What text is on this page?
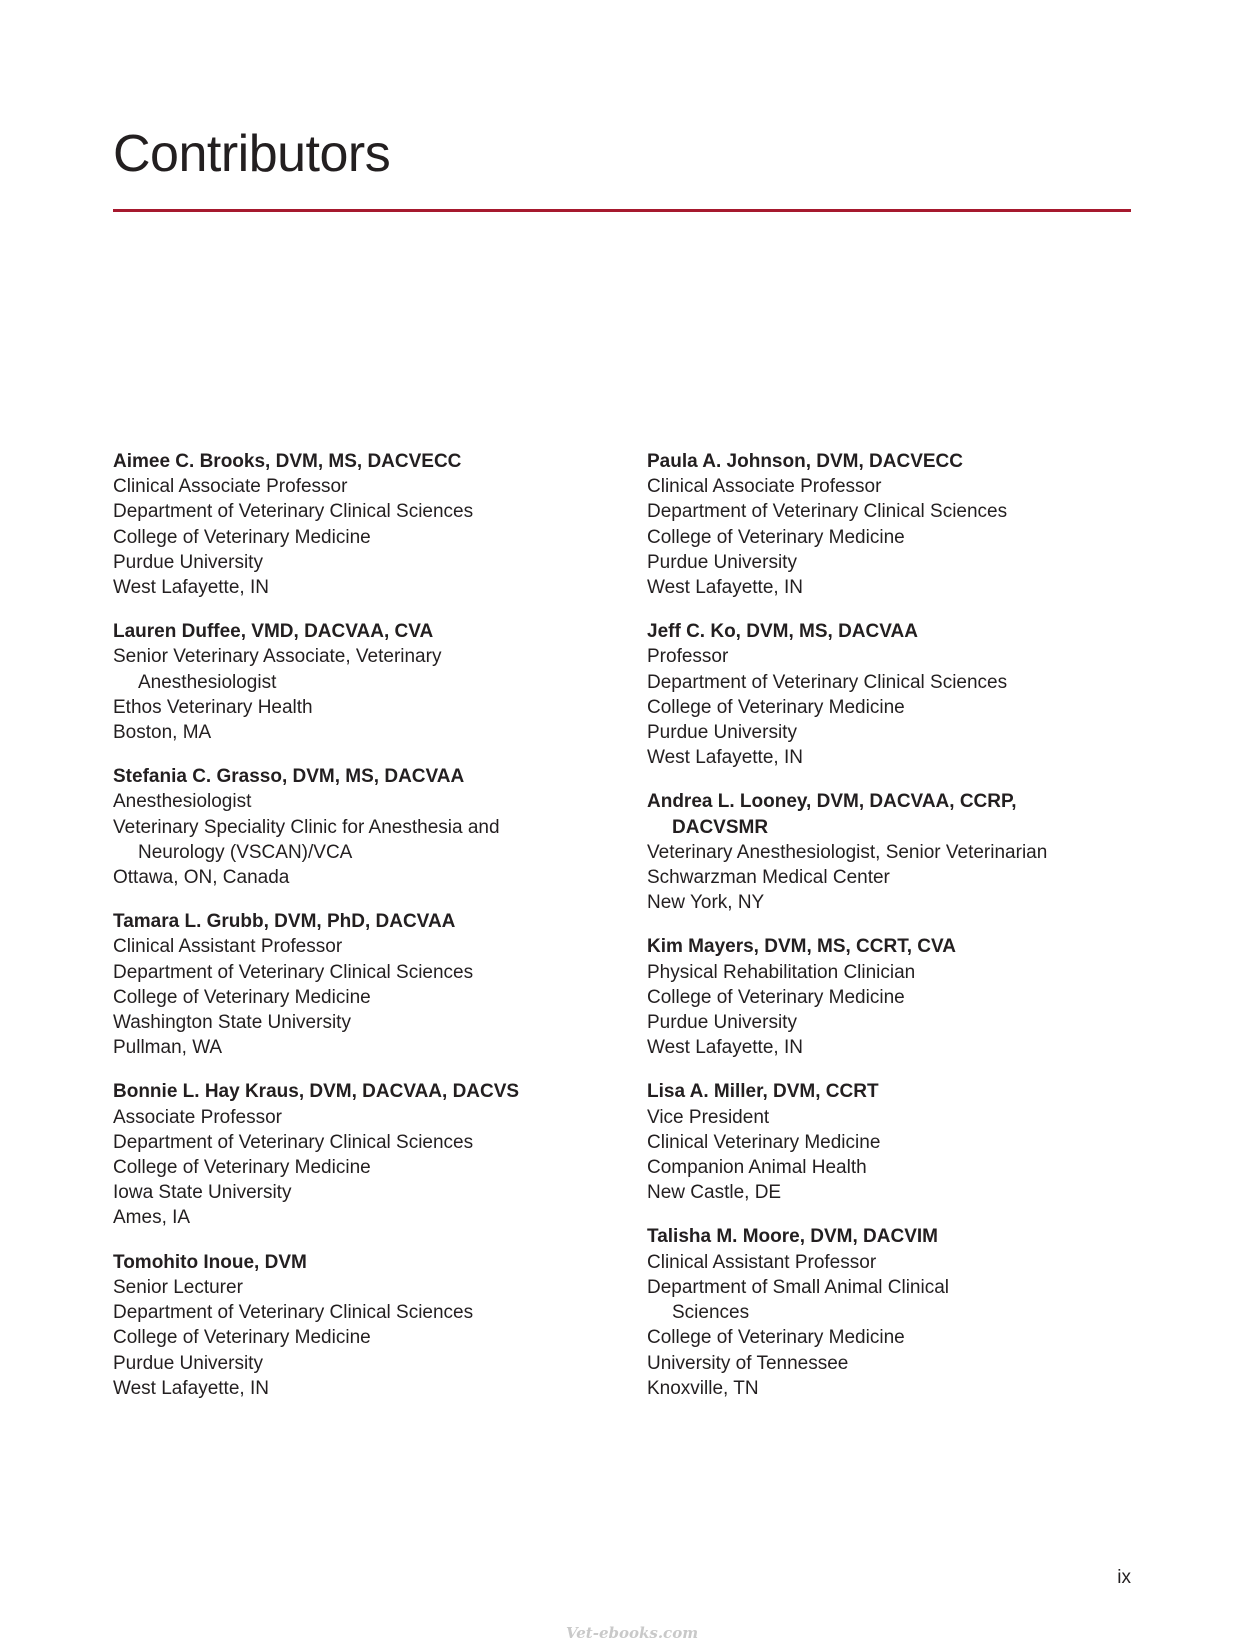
Contributors
Aimee C. Brooks, DVM, MS, DACVECC
Clinical Associate Professor
Department of Veterinary Clinical Sciences
College of Veterinary Medicine
Purdue University
West Lafayette, IN
Lauren Duffee, VMD, DACVAA, CVA
Senior Veterinary Associate, Veterinary Anesthesiologist
Ethos Veterinary Health
Boston, MA
Stefania C. Grasso, DVM, MS, DACVAA
Anesthesiologist
Veterinary Speciality Clinic for Anesthesia and Neurology (VSCAN)/VCA
Ottawa, ON, Canada
Tamara L. Grubb, DVM, PhD, DACVAA
Clinical Assistant Professor
Department of Veterinary Clinical Sciences
College of Veterinary Medicine
Washington State University
Pullman, WA
Bonnie L. Hay Kraus, DVM, DACVAA, DACVS
Associate Professor
Department of Veterinary Clinical Sciences
College of Veterinary Medicine
Iowa State University
Ames, IA
Tomohito Inoue, DVM
Senior Lecturer
Department of Veterinary Clinical Sciences
College of Veterinary Medicine
Purdue University
West Lafayette, IN
Paula A. Johnson, DVM, DACVECC
Clinical Associate Professor
Department of Veterinary Clinical Sciences
College of Veterinary Medicine
Purdue University
West Lafayette, IN
Jeff C. Ko, DVM, MS, DACVAA
Professor
Department of Veterinary Clinical Sciences
College of Veterinary Medicine
Purdue University
West Lafayette, IN
Andrea L. Looney, DVM, DACVAA, CCRP, DACVSMR
Veterinary Anesthesiologist, Senior Veterinarian
Schwarzman Medical Center
New York, NY
Kim Mayers, DVM, MS, CCRT, CVA
Physical Rehabilitation Clinician
College of Veterinary Medicine
Purdue University
West Lafayette, IN
Lisa A. Miller, DVM, CCRT
Vice President
Clinical Veterinary Medicine
Companion Animal Health
New Castle, DE
Talisha M. Moore, DVM, DACVIM
Clinical Assistant Professor
Department of Small Animal Clinical Sciences
College of Veterinary Medicine
University of Tennessee
Knoxville, TN
ix
Vet-ebooks.com
